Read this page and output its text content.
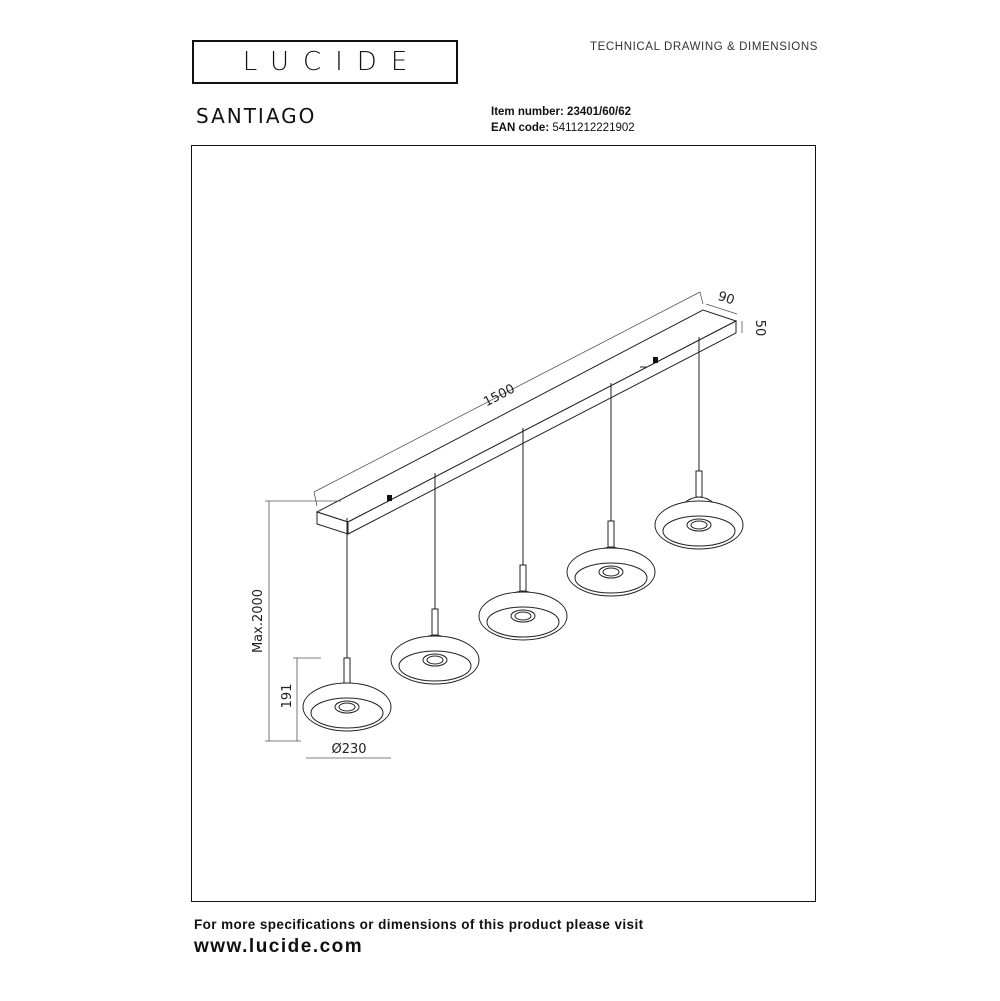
LUCIDE	TECHNICAL DRAWING & DIMENSIONS
SANTIAGO	Item number: 23401/60/62
EAN code: 5411212221902
1500
90
50
Max.2000
191
Ø230
For more specifications or dimensions of this product please visit
www.lucide.com
